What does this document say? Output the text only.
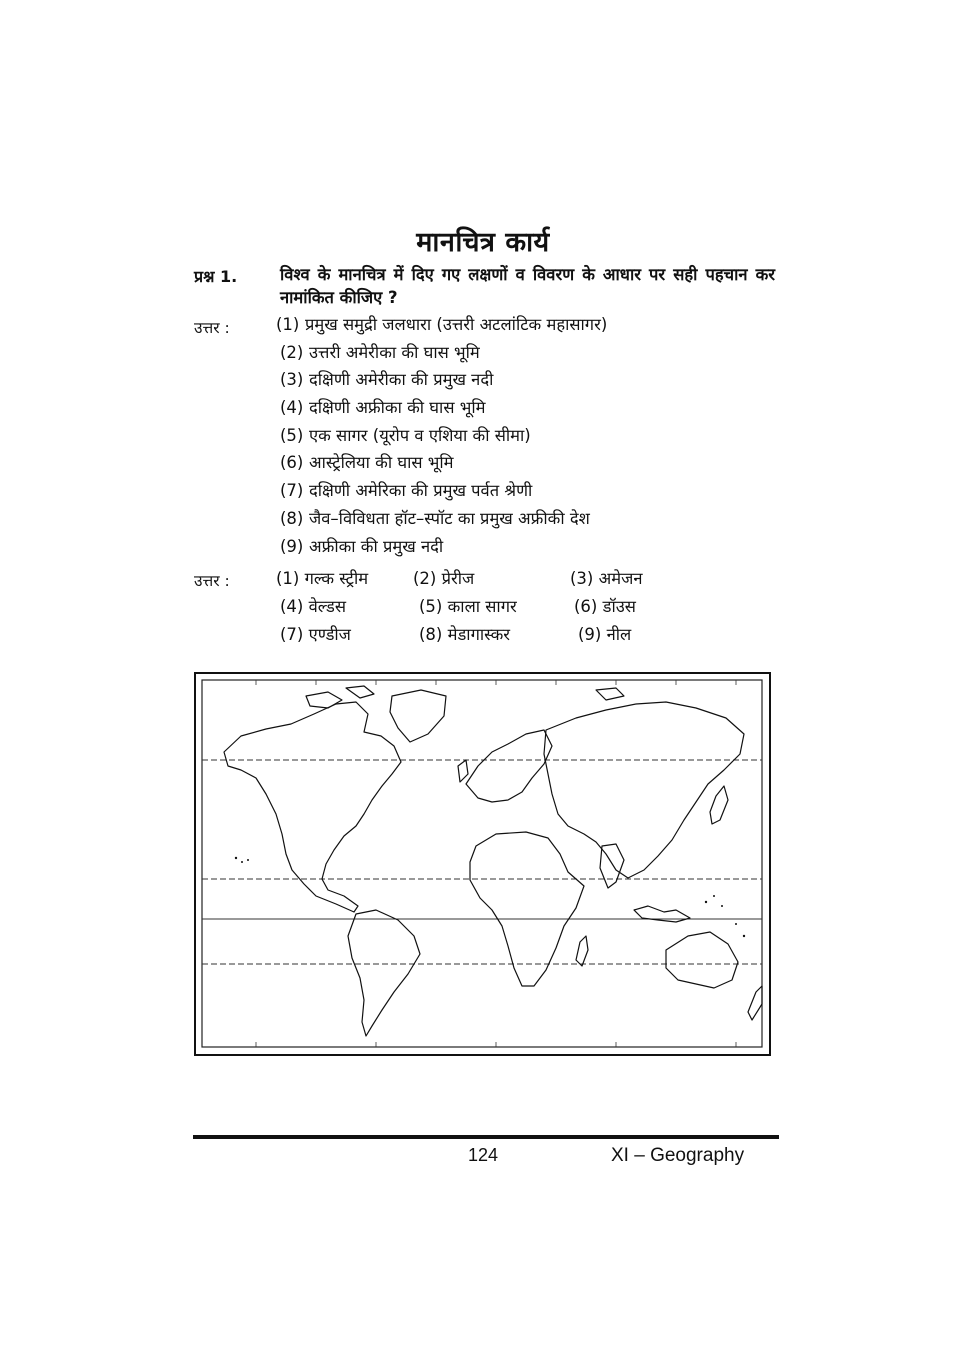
मानचित्र कार्य
प्रश्न 1.	विश्व के मानचित्र में दिए गए लक्षणों व विवरण के आधार पर सही पहचान कर नामांकित कीजिए ?
उत्तर :	(1) प्रमुख समुद्री जलधारा (उत्तरी अटलांटिक महासागर)
(2) उत्तरी अमेरीका की घास भूमि
(3) दक्षिणी अमेरीका की प्रमुख नदी
(4) दक्षिणी अफ्रीका की घास भूमि
(5) एक सागर (यूरोप व एशिया की सीमा)
(6) आस्ट्रेलिया की घास भूमि
(7) दक्षिणी अमेरिका की प्रमुख पर्वत श्रेणी
(8) जैव–विविधता हॉट–स्पॉट का प्रमुख अफ्रीकी देश
(9) अफ्रीका की प्रमुख नदी
उत्तर :	(1) गल्क स्ट्रीम	(2) प्रेरीज	(3) अमेजन
(4) वेल्डस	(5) काला सागर	(6) डॉउस
(7) एण्डीज	(8) मेडागास्कर	(9) नील
124	XI – Geography
